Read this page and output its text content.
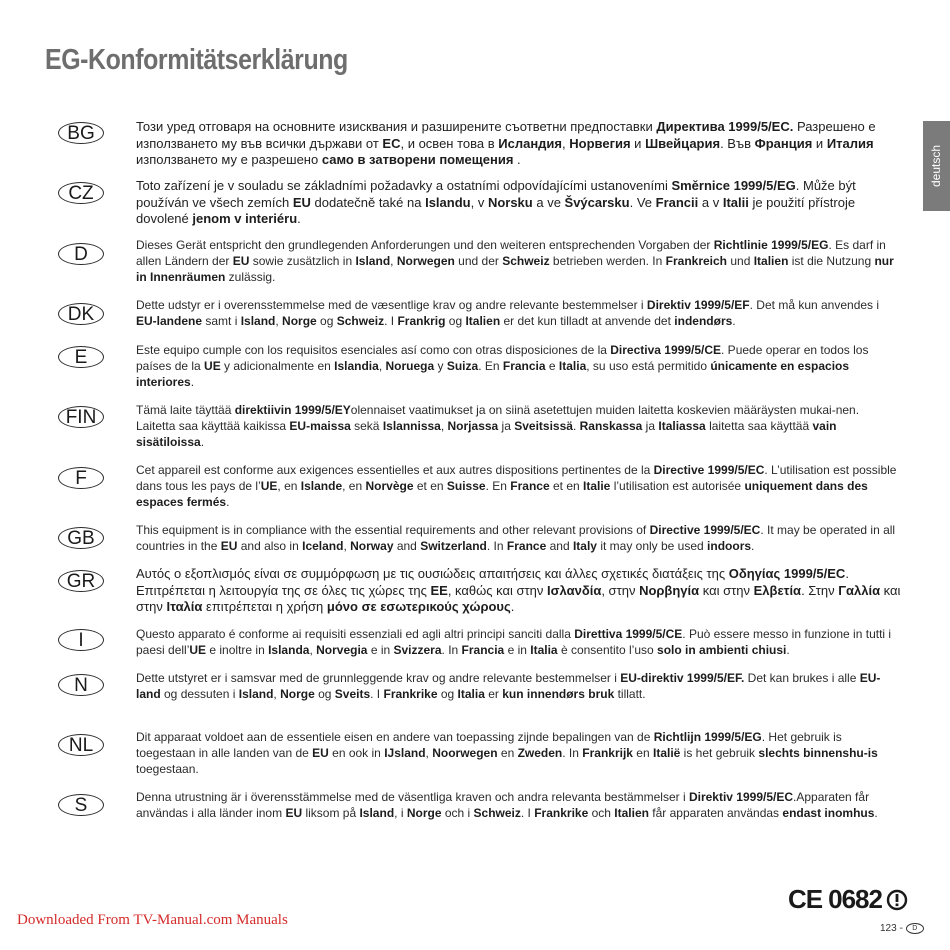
EG-Konformitätserklärung
deutsch
BG	Този уред отговаря на основните изисквания и разширените съответни предпоставки Директива 1999/5/EC. Разрешено е използването му във всички държави от EC, и освен това в Исландия, Норвегия и Швейцария. Във Франция и Италия използването му е разрешено само в затворени помещения .
CZ	Toto zařízení je v souladu se základními požadavky a ostatními odpovídajícími ustanoveními Směrnice 1999/5/EG. Může být používán ve všech zemích EU dodatečně také na Islandu, v Norsku a ve Švýcarsku. Ve Francii a v Italii je použití přístroje dovolené jenom v interiéru.
D	Dieses Gerät entspricht den grundlegenden Anforderungen und den weiteren entsprechenden Vorgaben der Richtlinie 1999/5/EG. Es darf in allen Ländern der EU sowie zusätzlich in Island, Norwegen und der Schweiz betrieben werden. In Frankreich und Italien ist die Nutzung nur in Innenräumen zulässig.
DK	Dette udstyr er i overensstemmelse med de væsentlige krav og andre relevante bestemmelser i Direktiv 1999/5/EF. Det må kun anvendes i EU-landene samt i Island, Norge og Schweiz. I Frankrig og Italien er det kun tilladt at anvende det indendørs.
E	Este equipo cumple con los requisitos esenciales así como con otras disposiciones de la Directiva 1999/5/CE. Puede operar en todos los países de la UE y adicionalmente en Islandia, Noruega y Suiza. En Francia e Italia, su uso está permitido únicamente en espacios interiores.
FIN	Tämä laite täyttää direktiivin 1999/5/EYolennaiset vaatimukset ja on siinä asetettujen muiden laitetta koskevien määräysten mukai-nen. Laitetta saa käyttää kaikissa EU-maissa sekä Islannissa, Norjassa ja Sveitsissä. Ranskassa ja Italiassa laitetta saa käyttää vain sisätiloissa.
F	Cet appareil est conforme aux exigences essentielles et aux autres dispositions pertinentes de la Directive 1999/5/EC. L’utilisation est possible dans tous les pays de l’UE, en Islande, en Norvège et en Suisse. En France et en Italie l’utilisation est autorisée uniquement dans des espaces fermés.
GB	This equipment is in compliance with the essential requirements and other relevant provisions of Directive 1999/5/EC. It may be operated in all countries in the EU and also in Iceland, Norway and Switzerland. In France and Italy it may only be used indoors.
GR	Αυτός ο εξοπλισμός είναι σε συμμόρφωση με τις ουσιώδεις απαιτήσεις και άλλες σχετικές διατάξεις της Οδηγίας 1999/5/ΕC. Επιτρέπεται η λειτουργία της σε όλες τις χώρες της ΕΕ, καθώς και στην Ισλανδία, στην Νορβηγία και στην Ελβετία. Στην Γαλλία και στην Ιταλία επιτρέπεται η χρήση μόνο σε εσωτερικούς χώρους.
I	Questo apparato é conforme ai requisiti essenziali ed agli altri principi sanciti dalla Direttiva 1999/5/CE. Può essere messo in funzione in tutti i paesi dell’UE e inoltre in Islanda, Norvegia e in Svizzera. In Francia e in Italia è consentito l’uso solo in ambienti chiusi.
N	Dette utstyret er i samsvar med de grunnleggende krav og andre relevante bestemmelser i EU-direktiv 1999/5/EF. Det kan brukes i alle EU-land og dessuten i Island, Norge og Sveits. I Frankrike og Italia er kun innendørs bruk tillatt.
NL	Dit apparaat voldoet aan de essentiele eisen en andere van toepassing zijnde bepalingen van de Richtlijn 1999/5/EG. Het gebruik is toegestaan in alle landen van de EU en ook in IJsland, Noorwegen en Zweden. In Frankrijk en Italië is het gebruik slechts binnenshu-is toegestaan.
S	Denna utrustning är i överensstämmelse med de väsentliga kraven och andra relevanta bestämmelser i Direktiv 1999/5/EC.Apparaten får användas i alla länder inom EU liksom på Island, i Norge och i Schweiz. I Frankrike och Italien får apparaten användas endast inomhus.
Downloaded From TV-Manual.com Manuals
CE 0682
123 -	D
